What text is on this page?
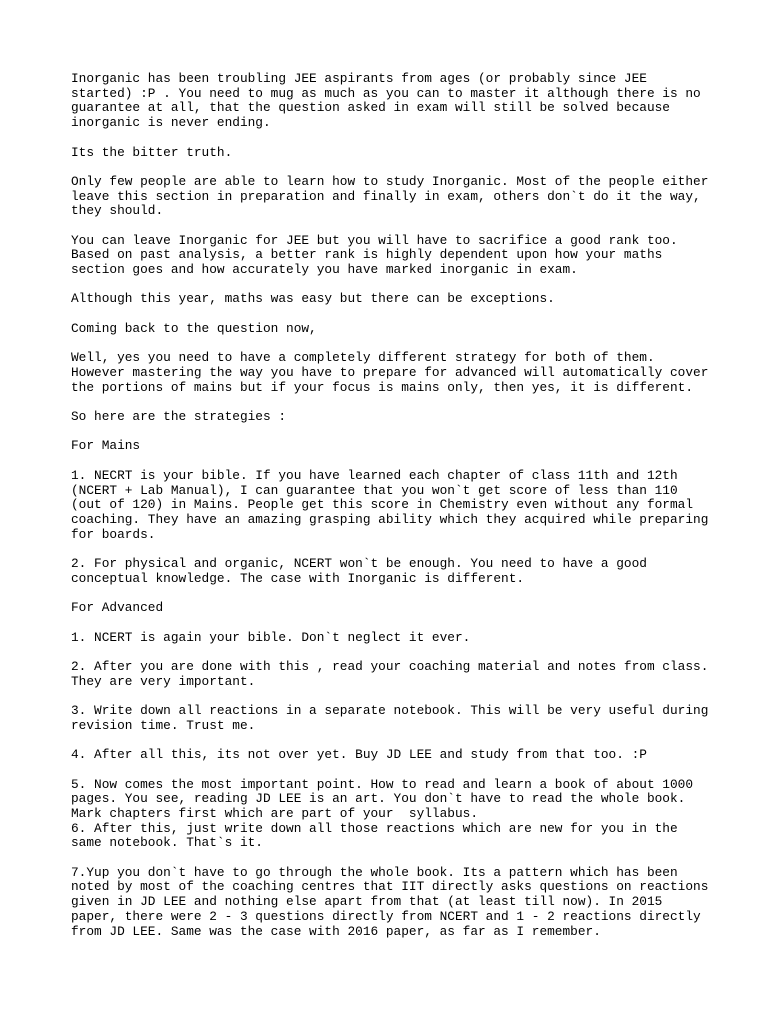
Inorganic has been troubling JEE aspirants from ages (or probably since JEE
started) :P . You need to mug as much as you can to master it although there is no
guarantee at all, that the question asked in exam will still be solved because
inorganic is never ending.

Its the bitter truth.

Only few people are able to learn how to study Inorganic. Most of the people either
leave this section in preparation and finally in exam, others don`t do it the way,
they should.

You can leave Inorganic for JEE but you will have to sacrifice a good rank too.
Based on past analysis, a better rank is highly dependent upon how your maths
section goes and how accurately you have marked inorganic in exam.

Although this year, maths was easy but there can be exceptions.

Coming back to the question now,

Well, yes you need to have a completely different strategy for both of them.
However mastering the way you have to prepare for advanced will automatically cover
the portions of mains but if your focus is mains only, then yes, it is different.

So here are the strategies :

For Mains

1. NECRT is your bible. If you have learned each chapter of class 11th and 12th
(NCERT + Lab Manual), I can guarantee that you won`t get score of less than 110
(out of 120) in Mains. People get this score in Chemistry even without any formal
coaching. They have an amazing grasping ability which they acquired while preparing
for boards.

2. For physical and organic, NCERT won`t be enough. You need to have a good
conceptual knowledge. The case with Inorganic is different.

For Advanced

1. NCERT is again your bible. Don`t neglect it ever.

2. After you are done with this , read your coaching material and notes from class.
They are very important.

3. Write down all reactions in a separate notebook. This will be very useful during
revision time. Trust me.

4. After all this, its not over yet. Buy JD LEE and study from that too. :P

5. Now comes the most important point. How to read and learn a book of about 1000
pages. You see, reading JD LEE is an art. You don`t have to read the whole book.
Mark chapters first which are part of your  syllabus.

6. After this, just write down all those reactions which are new for you in the
same notebook. That`s it.

7.Yup you don`t have to go through the whole book. Its a pattern which has been
noted by most of the coaching centres that IIT directly asks questions on reactions
given in JD LEE and nothing else apart from that (at least till now). In 2015
paper, there were 2 - 3 questions directly from NCERT and 1 - 2 reactions directly
from JD LEE. Same was the case with 2016 paper, as far as I remember.
